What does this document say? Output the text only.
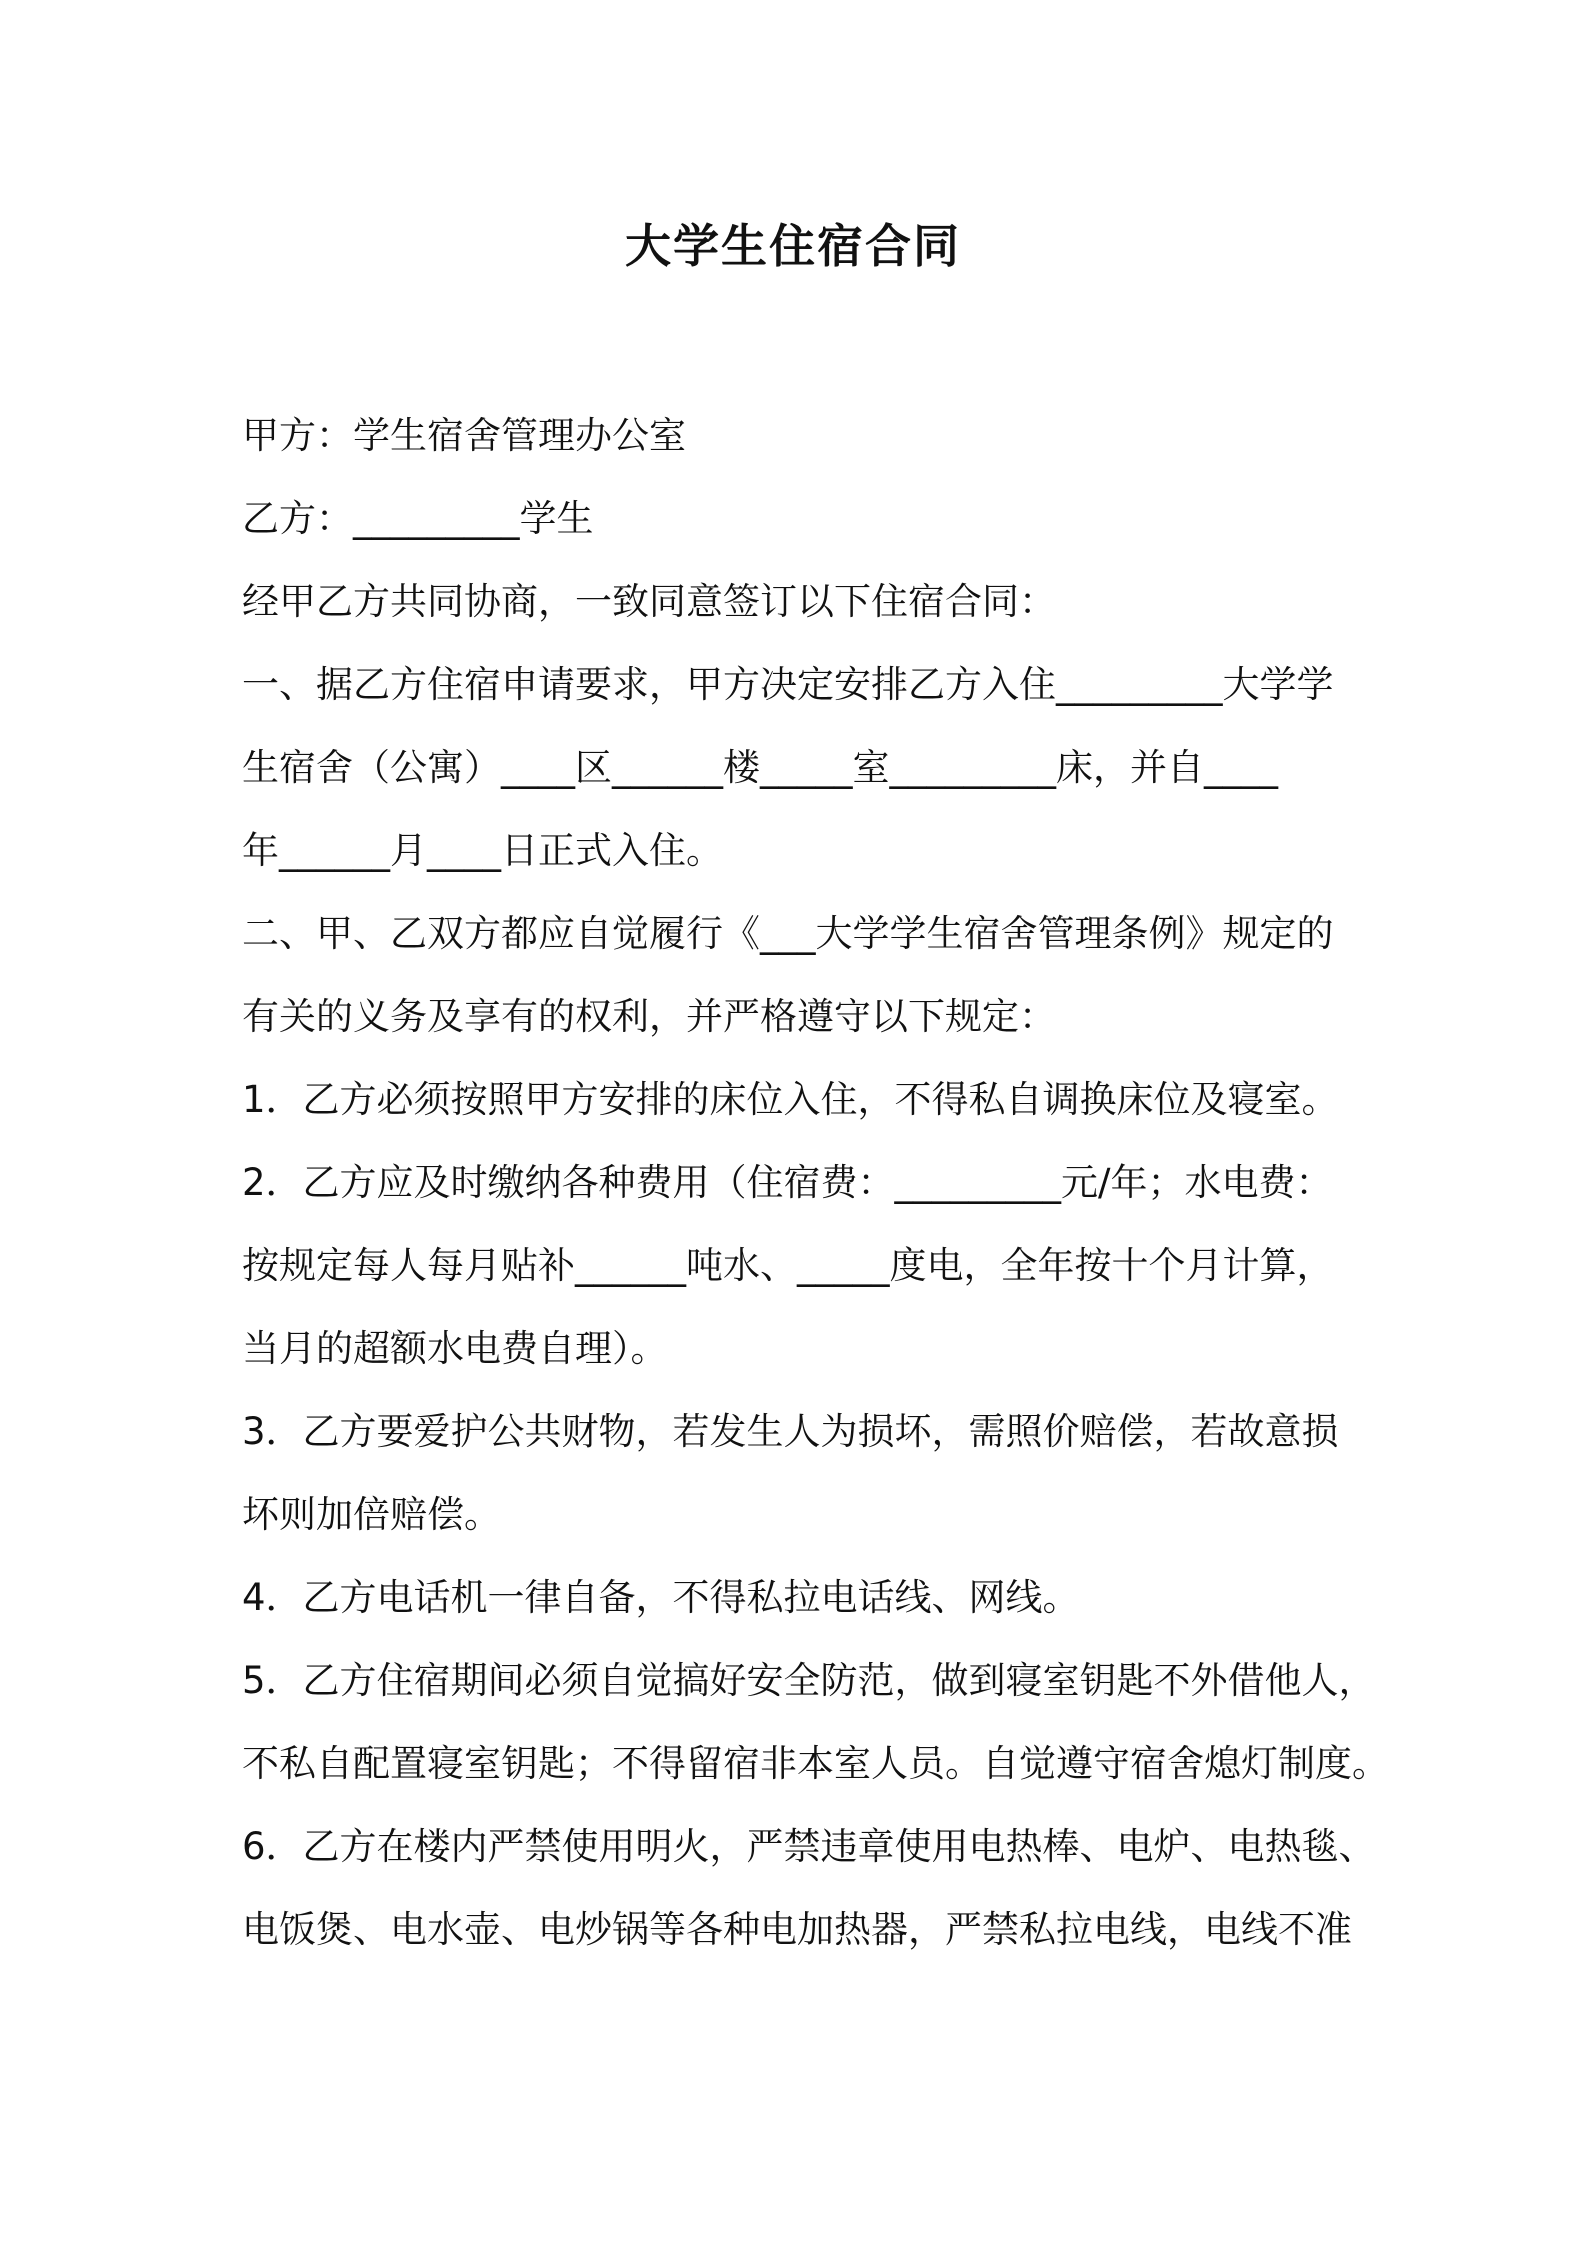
大学生住宿合同
甲方：学生宿舍管理办公室
乙方：_________学生
经甲乙方共同协商，一致同意签订以下住宿合同：
一、据乙方住宿申请要求，甲方决定安排乙方入住_________大学学
生宿舍（公寓）____区______楼_____室_________床，并自____
年______月____日正式入住。
二、甲、乙双方都应自觉履行《___大学学生宿舍管理条例》规定的
有关的义务及享有的权利，并严格遵守以下规定：
1．乙方必须按照甲方安排的床位入住，不得私自调换床位及寝室。
2．乙方应及时缴纳各种费用（住宿费：_________元/年；水电费：
按规定每人每月贴补______吨水、_____度电，全年按十个月计算，
当月的超额水电费自理）。
3．乙方要爱护公共财物，若发生人为损坏，需照价赔偿，若故意损
坏则加倍赔偿。
4．乙方电话机一律自备，不得私拉电话线、网线。
5．乙方住宿期间必须自觉搞好安全防范，做到寝室钥匙不外借他人，
不私自配置寝室钥匙；不得留宿非本室人员。自觉遵守宿舍熄灯制度。
6．乙方在楼内严禁使用明火，严禁违章使用电热棒、电炉、电热毯、
电饭煲、电水壶、电炒锅等各种电加热器，严禁私拉电线，电线不准
